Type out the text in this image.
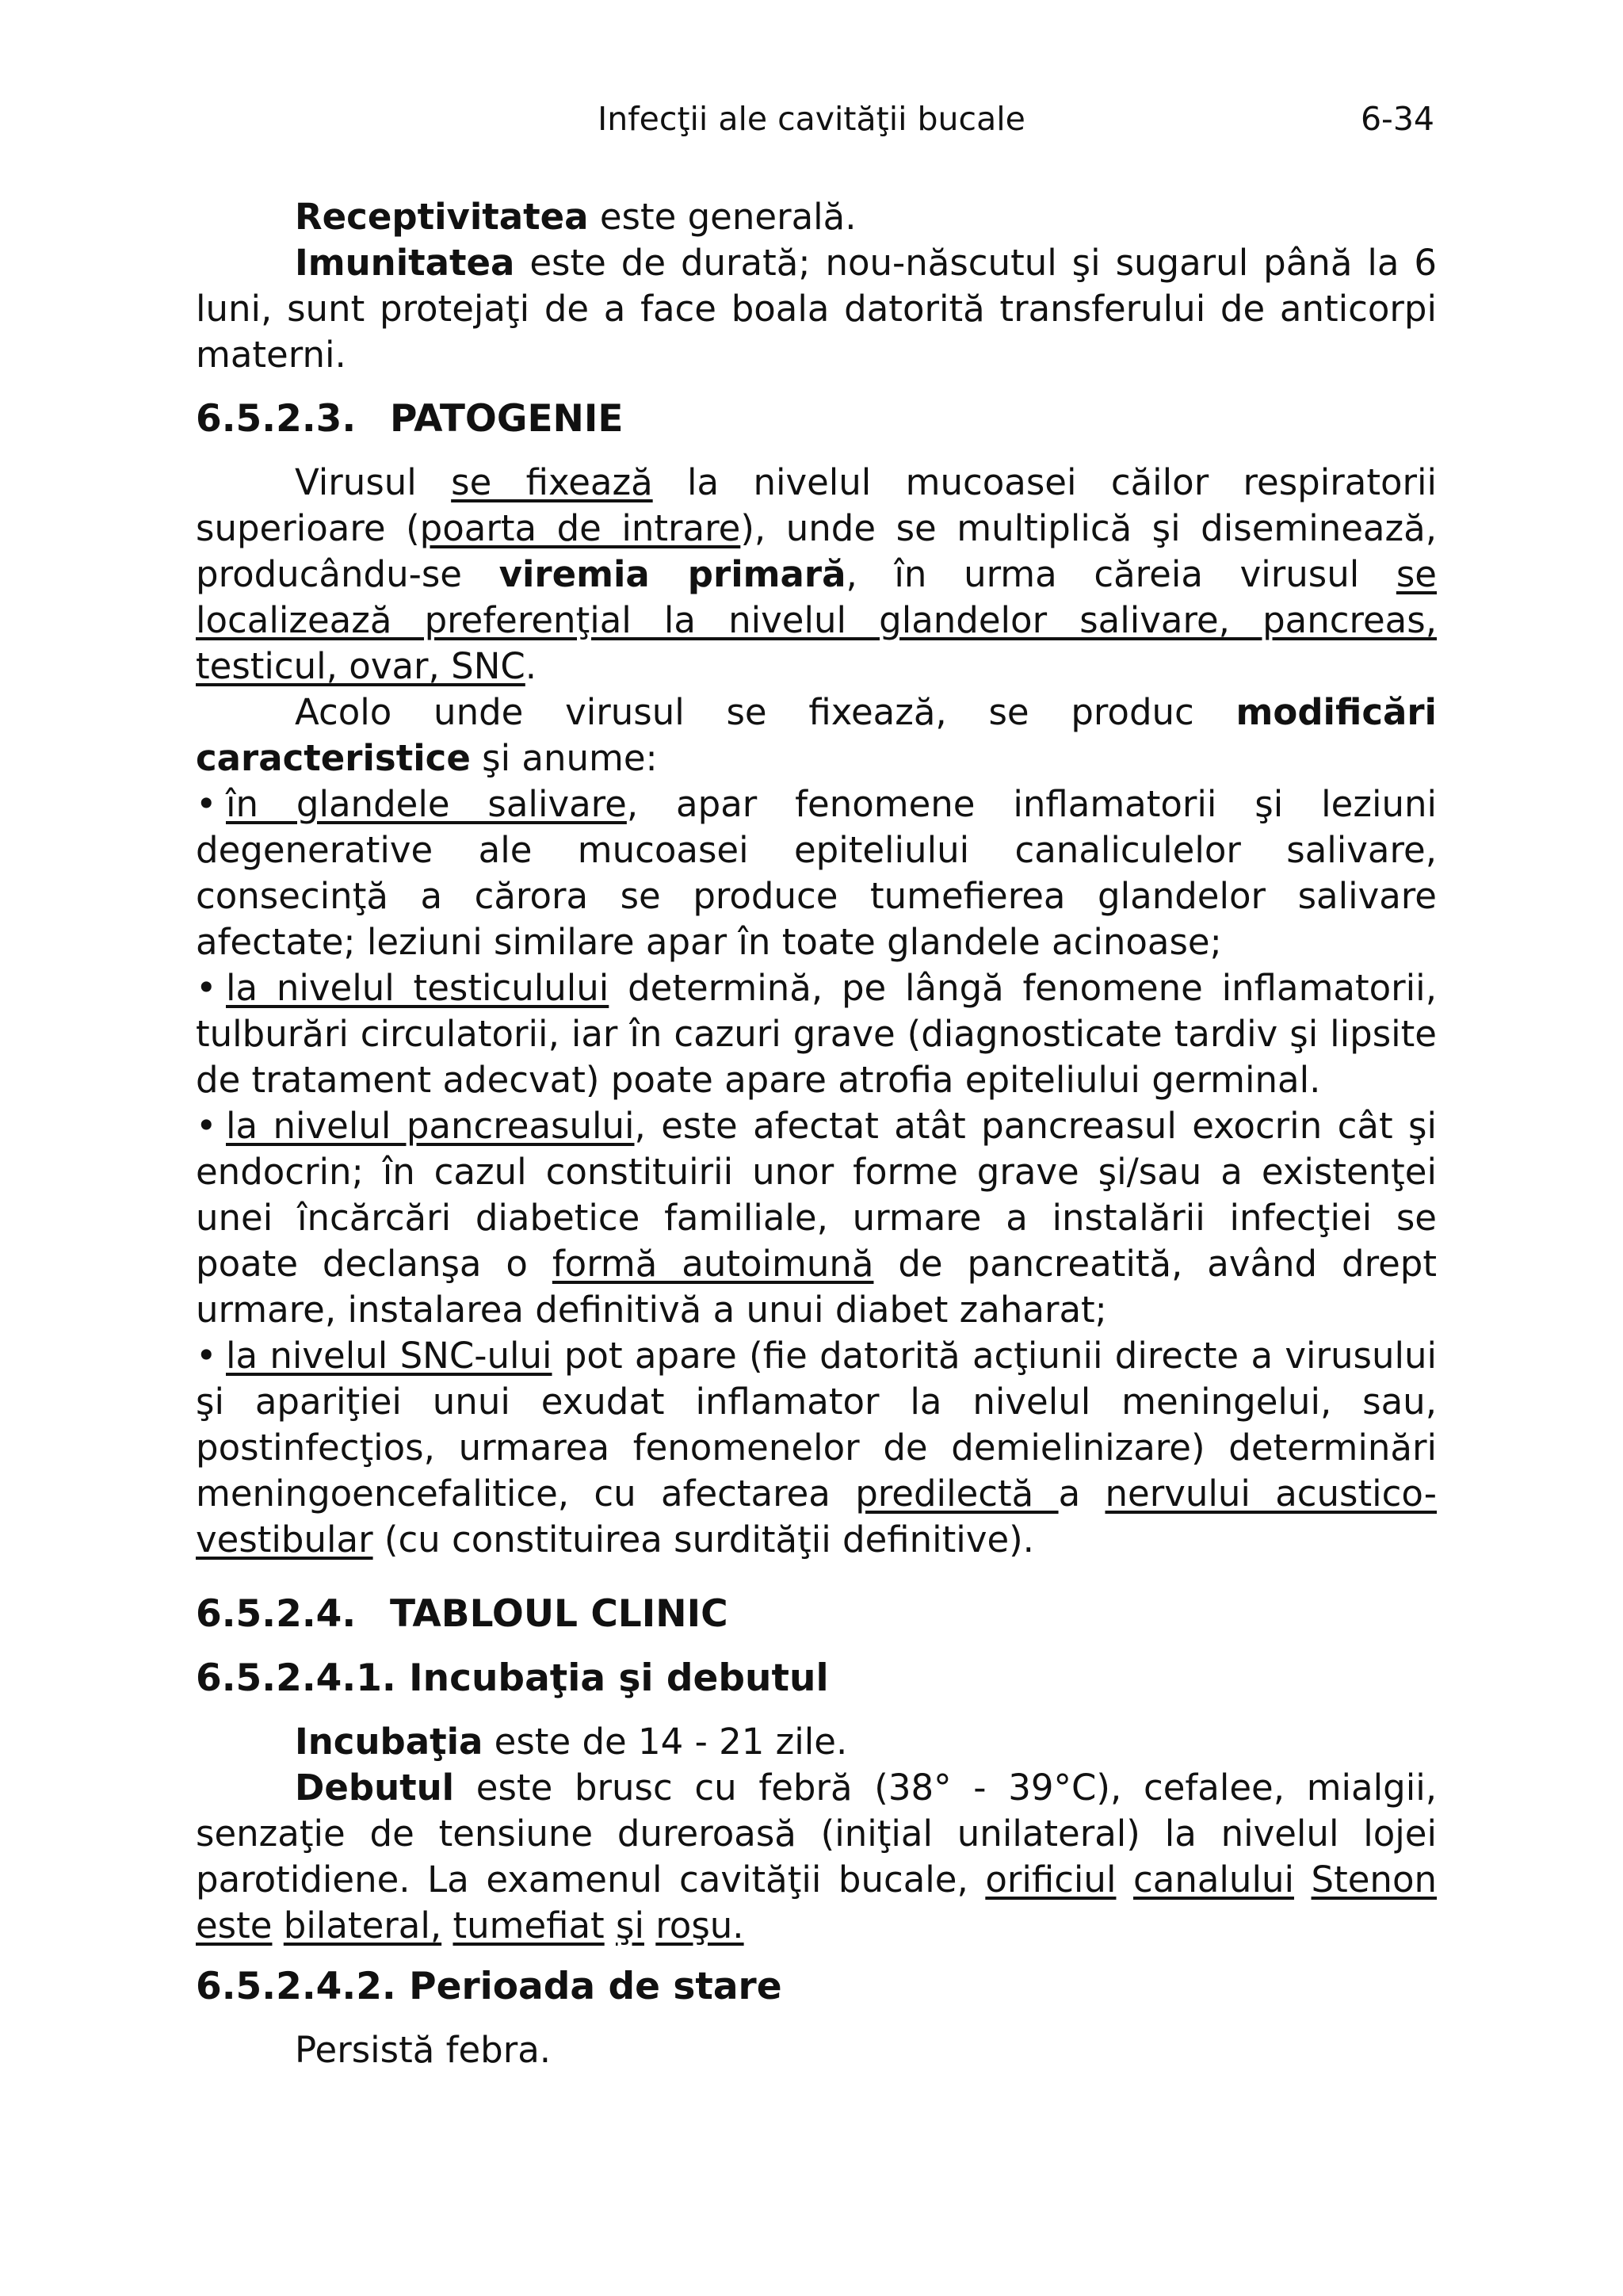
Infecţii ale cavităţii bucale	6-34

Receptivitatea este generală.

Imunitatea este de durată; nou-născutul şi sugarul până la 6 luni, sunt protejaţi de a face boala datorită transferului de anticorpi materni.

6.5.2.3. PATOGENIE

Virusul se fixează la nivelul mucoasei căilor respiratorii superioare (poarta de intrare), unde se multiplică şi diseminează, producându-se viremia primară, în urma căreia virusul se localizează preferenţial la nivelul glandelor salivare, pancreas, testicul, ovar, SNC.

Acolo unde virusul se fixează, se produc modificări caracteristice şi anume:

• în glandele salivare, apar fenomene inflamatorii şi leziuni degenerative ale mucoasei epiteliului canaliculelor salivare, consecinţă a cărora se produce tumefierea glandelor salivare afectate; leziuni similare apar în toate glandele acinoase;

• la nivelul testiculului determină, pe lângă fenomene inflamatorii, tulburări circulatorii, iar în cazuri grave (diagnosticate tardiv şi lipsite de tratament adecvat) poate apare atrofia epiteliului germinal.

• la nivelul pancreasului, este afectat atât pancreasul exocrin cât şi endocrin; în cazul constituirii unor forme grave şi/sau a existenţei unei încărcări diabetice familiale, urmare a instalării infecţiei se poate declanşa o formă autoimună de pancreatită, având drept urmare, instalarea definitivă a unui diabet zaharat;

• la nivelul SNC-ului pot apare (fie datorită acţiunii directe a virusului şi apariţiei unui exudat inflamator la nivelul meningelui, sau, postinfecţios, urmarea fenomenelor de demielinizare) determinări meningoencefalitice, cu afectarea predilectă a nervului acustico-vestibular (cu constituirea surdităţii definitive).

6.5.2.4. TABLOUL CLINIC
6.5.2.4.1. Incubaţia şi debutul

Incubaţia este de 14 - 21 zile.

Debutul este brusc cu febră (38° - 39°C), cefalee, mialgii, senzaţie de tensiune dureroasă (iniţial unilateral) la nivelul lojei parotidiene. La examenul cavităţii bucale, orificiul canalului Stenon este bilateral, tumefiat şi roşu.

6.5.2.4.2. Perioada de stare

Persistă febra.
